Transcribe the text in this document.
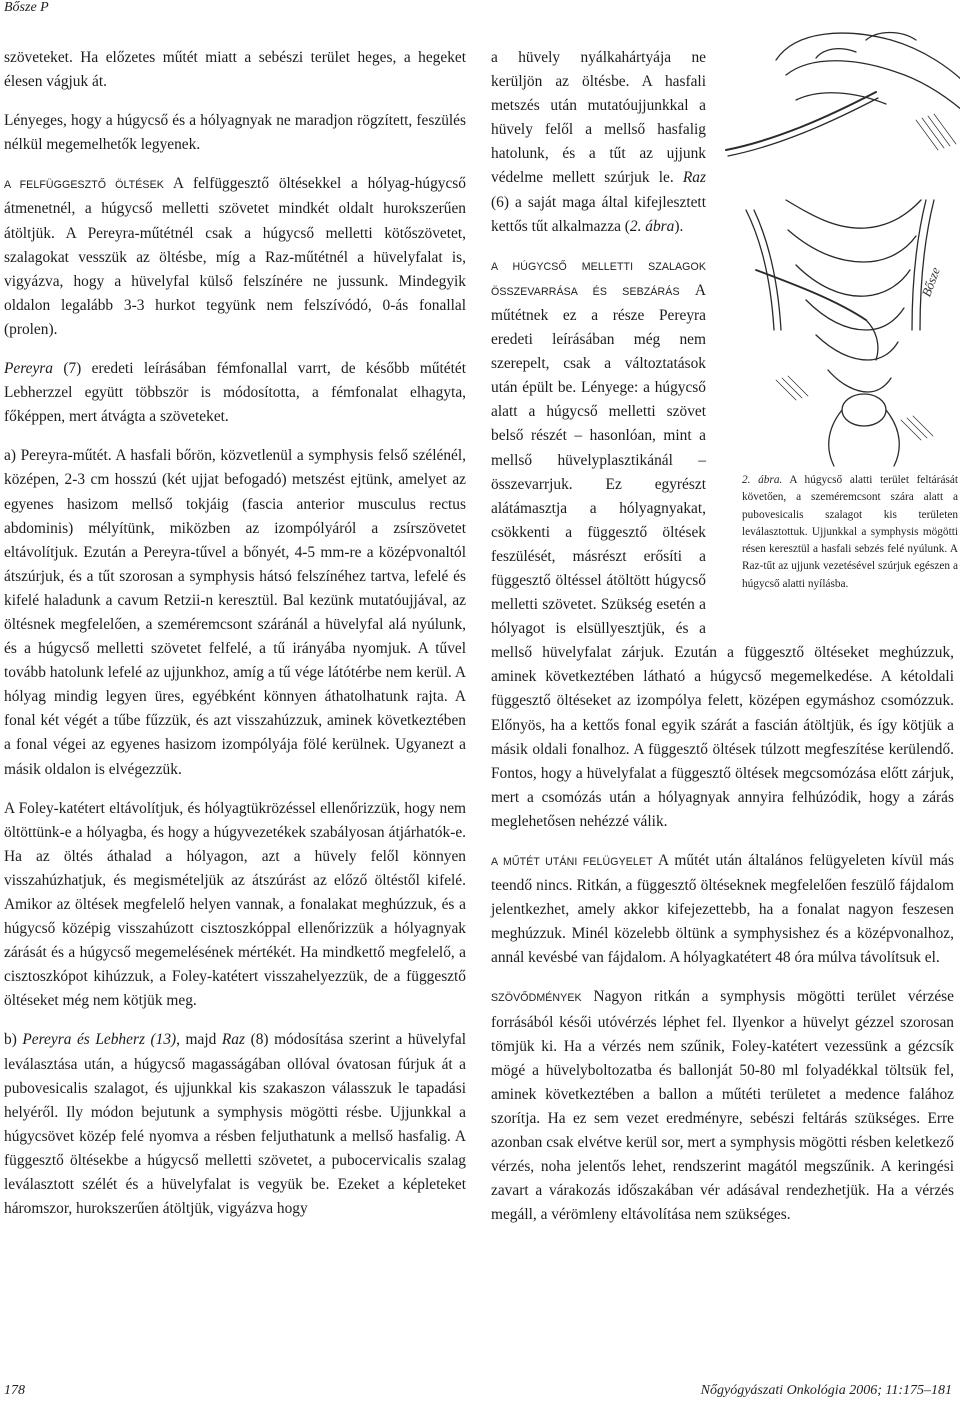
Bősze P

szöveteket. Ha előzetes műtét miatt a sebészi terület heges, a hegeket élesen vágjuk át.

Lényeges, hogy a húgycső és a hólyagnyak ne maradjon rögzített, feszülés nélkül megemelhetők legyenek.

A FELFÜGGESZTŐ ÖLTÉSEK A felfüggesztő öltésekkel a hólyag-húgycső átmenetnél, a húgycső melletti szövetet mindkét oldalt hurokszerűen átöltjük. A Pereyra-műtétnél csak a húgycső melletti kötőszövetet, szalagokat vesszük az öltésbe, míg a Raz-műtétnél a hüvelyfalat is, vigyázva, hogy a hüvelyfal külső felszínére ne jussunk. Mindegyik oldalon legalább 3-3 hurkot tegyünk nem felszívódó, 0-ás fonallal (prolen).

Pereyra (7) eredeti leírásában fémfonallal varrt, de később műtétét Lebherzzel együtt többször is módosította, a fémfonalat elhagyta, főképpen, mert átvágta a szöveteket.

a) Pereyra-műtét. A hasfali bőrön, közvetlenül a symphysis felső szélénél, középen, 2-3 cm hosszú (két ujjat befogadó) metszést ejtünk, amelyet az egyenes hasizom mellső tokjáig (fascia anterior musculus rectus abdominis) mélyítünk, miközben az izompólyáról a zsírszövetet eltávolítjuk. Ezután a Pereyra-tűvel a bőnyét, 4-5 mm-re a középvonaltól átszúrjuk, és a tűt szorosan a symphysis hátsó felszínéhez tartva, lefelé és kifelé haladunk a cavum Retzii-n keresztül. Bal kezünk mutatóujjával, az öltésnek megfelelően, a szeméremcsont száránál a hüvelyfal alá nyúlunk, és a húgycső melletti szövetet felfelé, a tű irányába nyomjuk. A tűvel tovább hatolunk lefelé az ujjunkhoz, amíg a tű vége látótérbe nem kerül. A hólyag mindig legyen üres, egyébként könnyen áthatolhatunk rajta. A fonal két végét a tűbe fűzzük, és azt visszahúzzuk, aminek következtében a fonal végei az egyenes hasizom izompólyája fölé kerülnek. Ugyanezt a másik oldalon is elvégezzük.

A Foley-katétert eltávolítjuk, és hólyagtükrözéssel ellenőrizzük, hogy nem öltöttünk-e a hólyagba, és hogy a húgyvezetékek szabályosan átjárhatók-e. Ha az öltés áthalad a hólyagon, azt a hüvely felől könnyen visszahúzhatjuk, és megismételjük az átszúrást az előző öltéstől kifelé. Amikor az öltések megfelelő helyen vannak, a fonalakat meghúzzuk, és a húgycső középig visszahúzott cisztoszkóppal ellenőrizzük a hólyagnyak zárását és a húgycső megemelésének mértékét. Ha mindkettő megfelelő, a cisztoszkópot kihúzzuk, a Foley-katétert visszahelyezzük, de a függesztő öltéseket még nem kötjük meg.

b) Pereyra és Lebherz (13), majd Raz (8) módosítása szerint a hüvelyfal leválasztása után, a húgycső magasságában ollóval óvatosan fúrjuk át a pubovesicalis szalagot, és ujjunkkal kis szakaszon válasszuk le tapadási helyéről. Ily módon bejutunk a symphysis mögötti résbe. Ujjunkkal a húgycsövet közép felé nyomva a résben feljuthatunk a mellső hasfalig. A függesztő öltésekbe a húgycső melletti szövetet, a pubocervicalis szalag leválasztott szélét és a hüvelyfalat is vegyük be. Ezeket a képleteket háromszor, hurokszerűen átöltjük, vigyázva hogy

Bősze
2. ábra. A húgycső alatti terület feltárását követően, a szeméremcsont szára alatt a pubovesicalis szalagot kis területen leválasztottuk. Ujjunkkal a symphysis mögötti résen keresztül a hasfali sebzés felé nyúlunk. A Raz-tűt az ujjunk vezetésével szúrjuk egészen a húgycső alatti nyílásba.

a hüvely nyálkahártyája ne kerüljön az öltésbe. A hasfali metszés után mutatóujjunkkal a hüvely felől a mellső hasfalig hatolunk, és a tűt az ujjunk védelme mellett szúrjuk le. Raz (6) a saját maga által kifejlesztett kettős tűt alkalmazza (2. ábra).

A HÚGYCSŐ MELLETTI SZALAGOK ÖSSZEVARRÁSA ÉS SEBZÁRÁS A műtétnek ez a része Pereyra eredeti leírásában még nem szerepelt, csak a változtatások után épült be. Lényege: a húgycső alatt a húgycső melletti szövet belső részét – hasonlóan, mint a mellső hüvelyplasztikánál – összevarrjuk. Ez egyrészt alátámasztja a hólyagnyakat, csökkenti a függesztő öltések feszülését, másrészt erősíti a függesztő öltéssel átöltött húgycső melletti szövetet. Szükség esetén a hólyagot is elsüllyesztjük, és a mellső hüvelyfalat zárjuk. Ezután a függesztő öltéseket meghúzzuk, aminek következtében látható a húgycső megemelkedése. A kétoldali függesztő öltéseket az izompólya felett, középen egymáshoz csomózzuk. Előnyös, ha a kettős fonal egyik szárát a fascián átöltjük, és így kötjük a másik oldali fonalhoz. A függesztő öltések túlzott megfeszítése kerülendő. Fontos, hogy a hüvelyfalat a függesztő öltések megcsomózása előtt zárjuk, mert a csomózás után a hólyagnyak annyira felhúzódik, hogy a zárás meglehetősen nehézzé válik.

A MŰTÉT UTÁNI FELÜGYELET A műtét után általános felügyeleten kívül más teendő nincs. Ritkán, a függesztő öltéseknek megfelelően feszülő fájdalom jelentkezhet, amely akkor kifejezettebb, ha a fonalat nagyon feszesen meghúzzuk. Minél közelebb öltünk a symphysishez és a középvonalhoz, annál kevésbé van fájdalom. A hólyagkatétert 48 óra múlva távolítsuk el.

SZÖVŐDMÉNYEK Nagyon ritkán a symphysis mögötti terület vérzése forrásából késői utóvérzés léphet fel. Ilyenkor a hüvelyt gézzel szorosan tömjük ki. Ha a vérzés nem szűnik, Foley-katétert vezessünk a gézcsík mögé a hüvelyboltozatba és ballonját 50-80 ml folyadékkal töltsük fel, aminek következtében a ballon a műtéti területet a medence falához szorítja. Ha ez sem vezet eredményre, sebészi feltárás szükséges. Erre azonban csak elvétve kerül sor, mert a symphysis mögötti résben keletkező vérzés, noha jelentős lehet, rendszerint magától megszűnik. A keringési zavart a várakozás időszakában vér adásával rendezhetjük. Ha a vérzés megáll, a vérömleny eltávolítása nem szükséges.

178	Nőgyógyászati Onkológia 2006; 11:175–181
